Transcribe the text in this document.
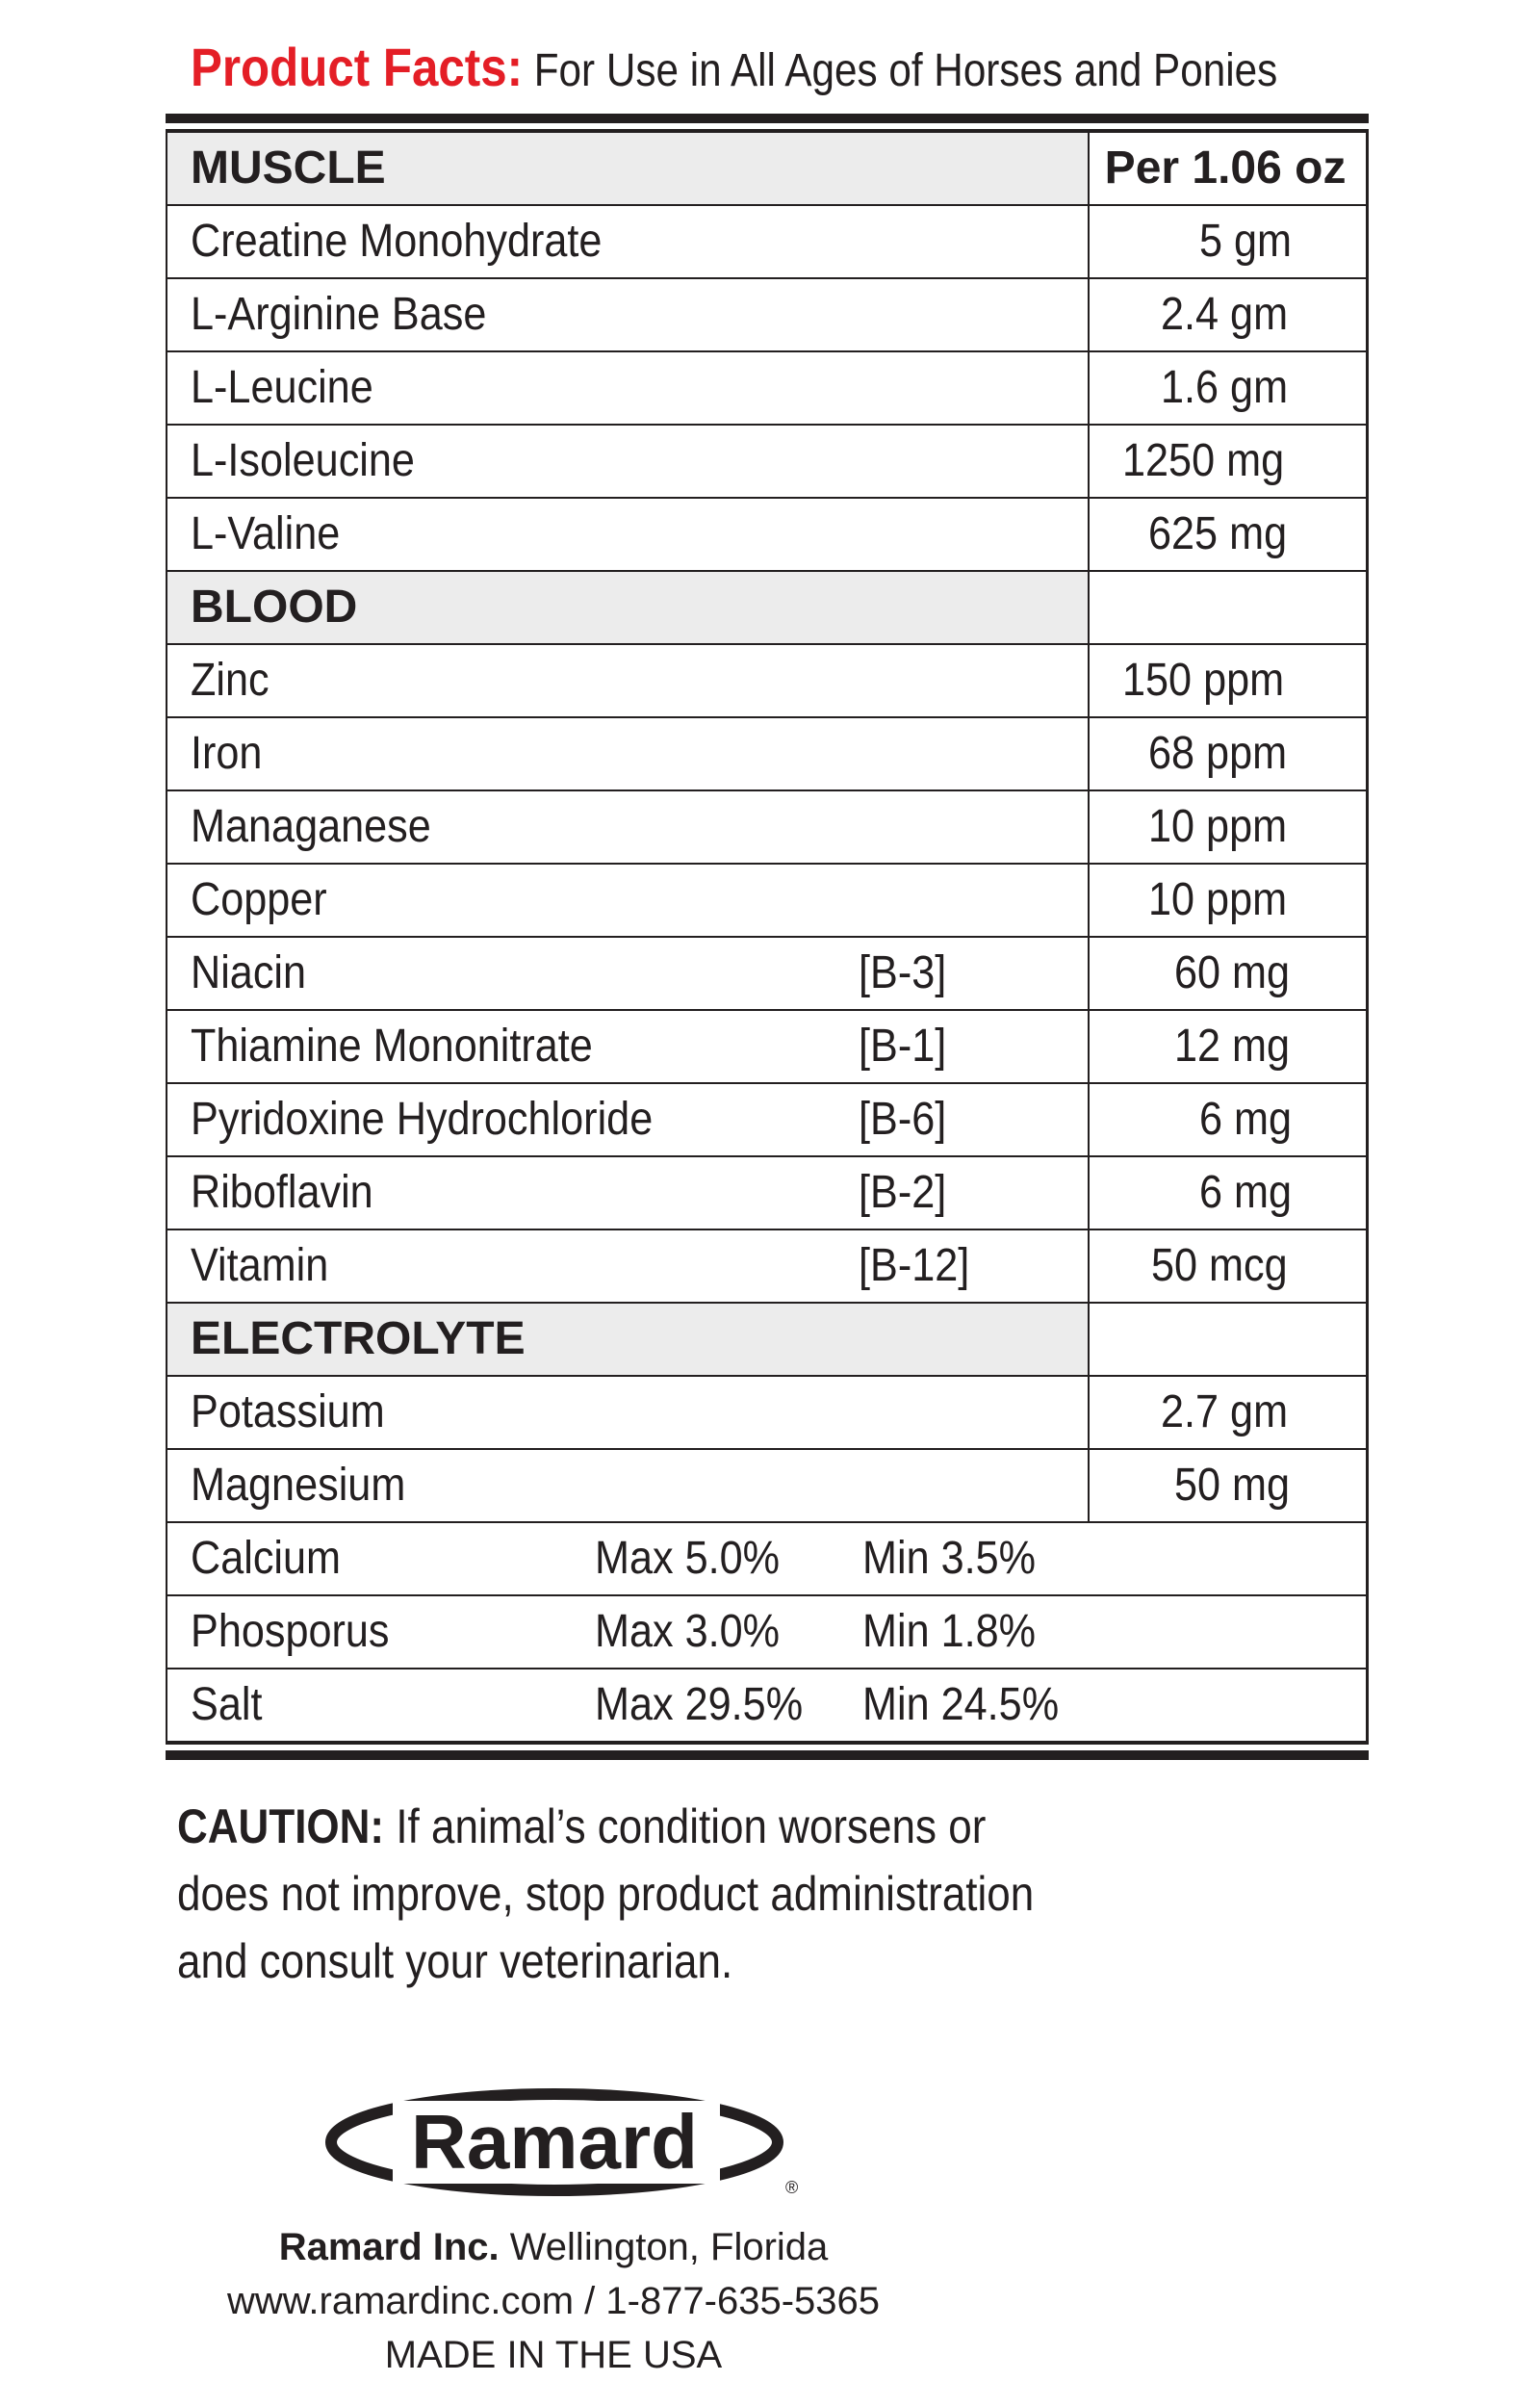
Product Facts: For Use in All Ages of Horses and Ponies
MUSCLE	Per 1.06 oz
Creatine Monohydrate	5 gm
L-Arginine Base	2.4 gm
L-Leucine	1.6 gm
L-Isoleucine	1250 mg
L-Valine	625 mg
BLOOD
Zinc	150 ppm
Iron	68 ppm
Managanese	10 ppm
Copper	10 ppm
Niacin	[B-3]	60 mg
Thiamine Mononitrate	[B-1]	12 mg
Pyridoxine Hydrochloride	[B-6]	6 mg
Riboflavin	[B-2]	6 mg
Vitamin	[B-12]	50 mcg
ELECTROLYTE
Potassium	2.7 gm
Magnesium	50 mg
Calcium	Max 5.0% Min 3.5%
Phosporus	Max 3.0% Min 1.8%
Salt	Max 29.5% Min 24.5%
CAUTION: If animal’s condition worsens or does not improve, stop product administration and consult your veterinarian.
Ramard
®
Ramard Inc. Wellington, Florida
www.ramardinc.com / 1-877-635-5365
MADE IN THE USA
